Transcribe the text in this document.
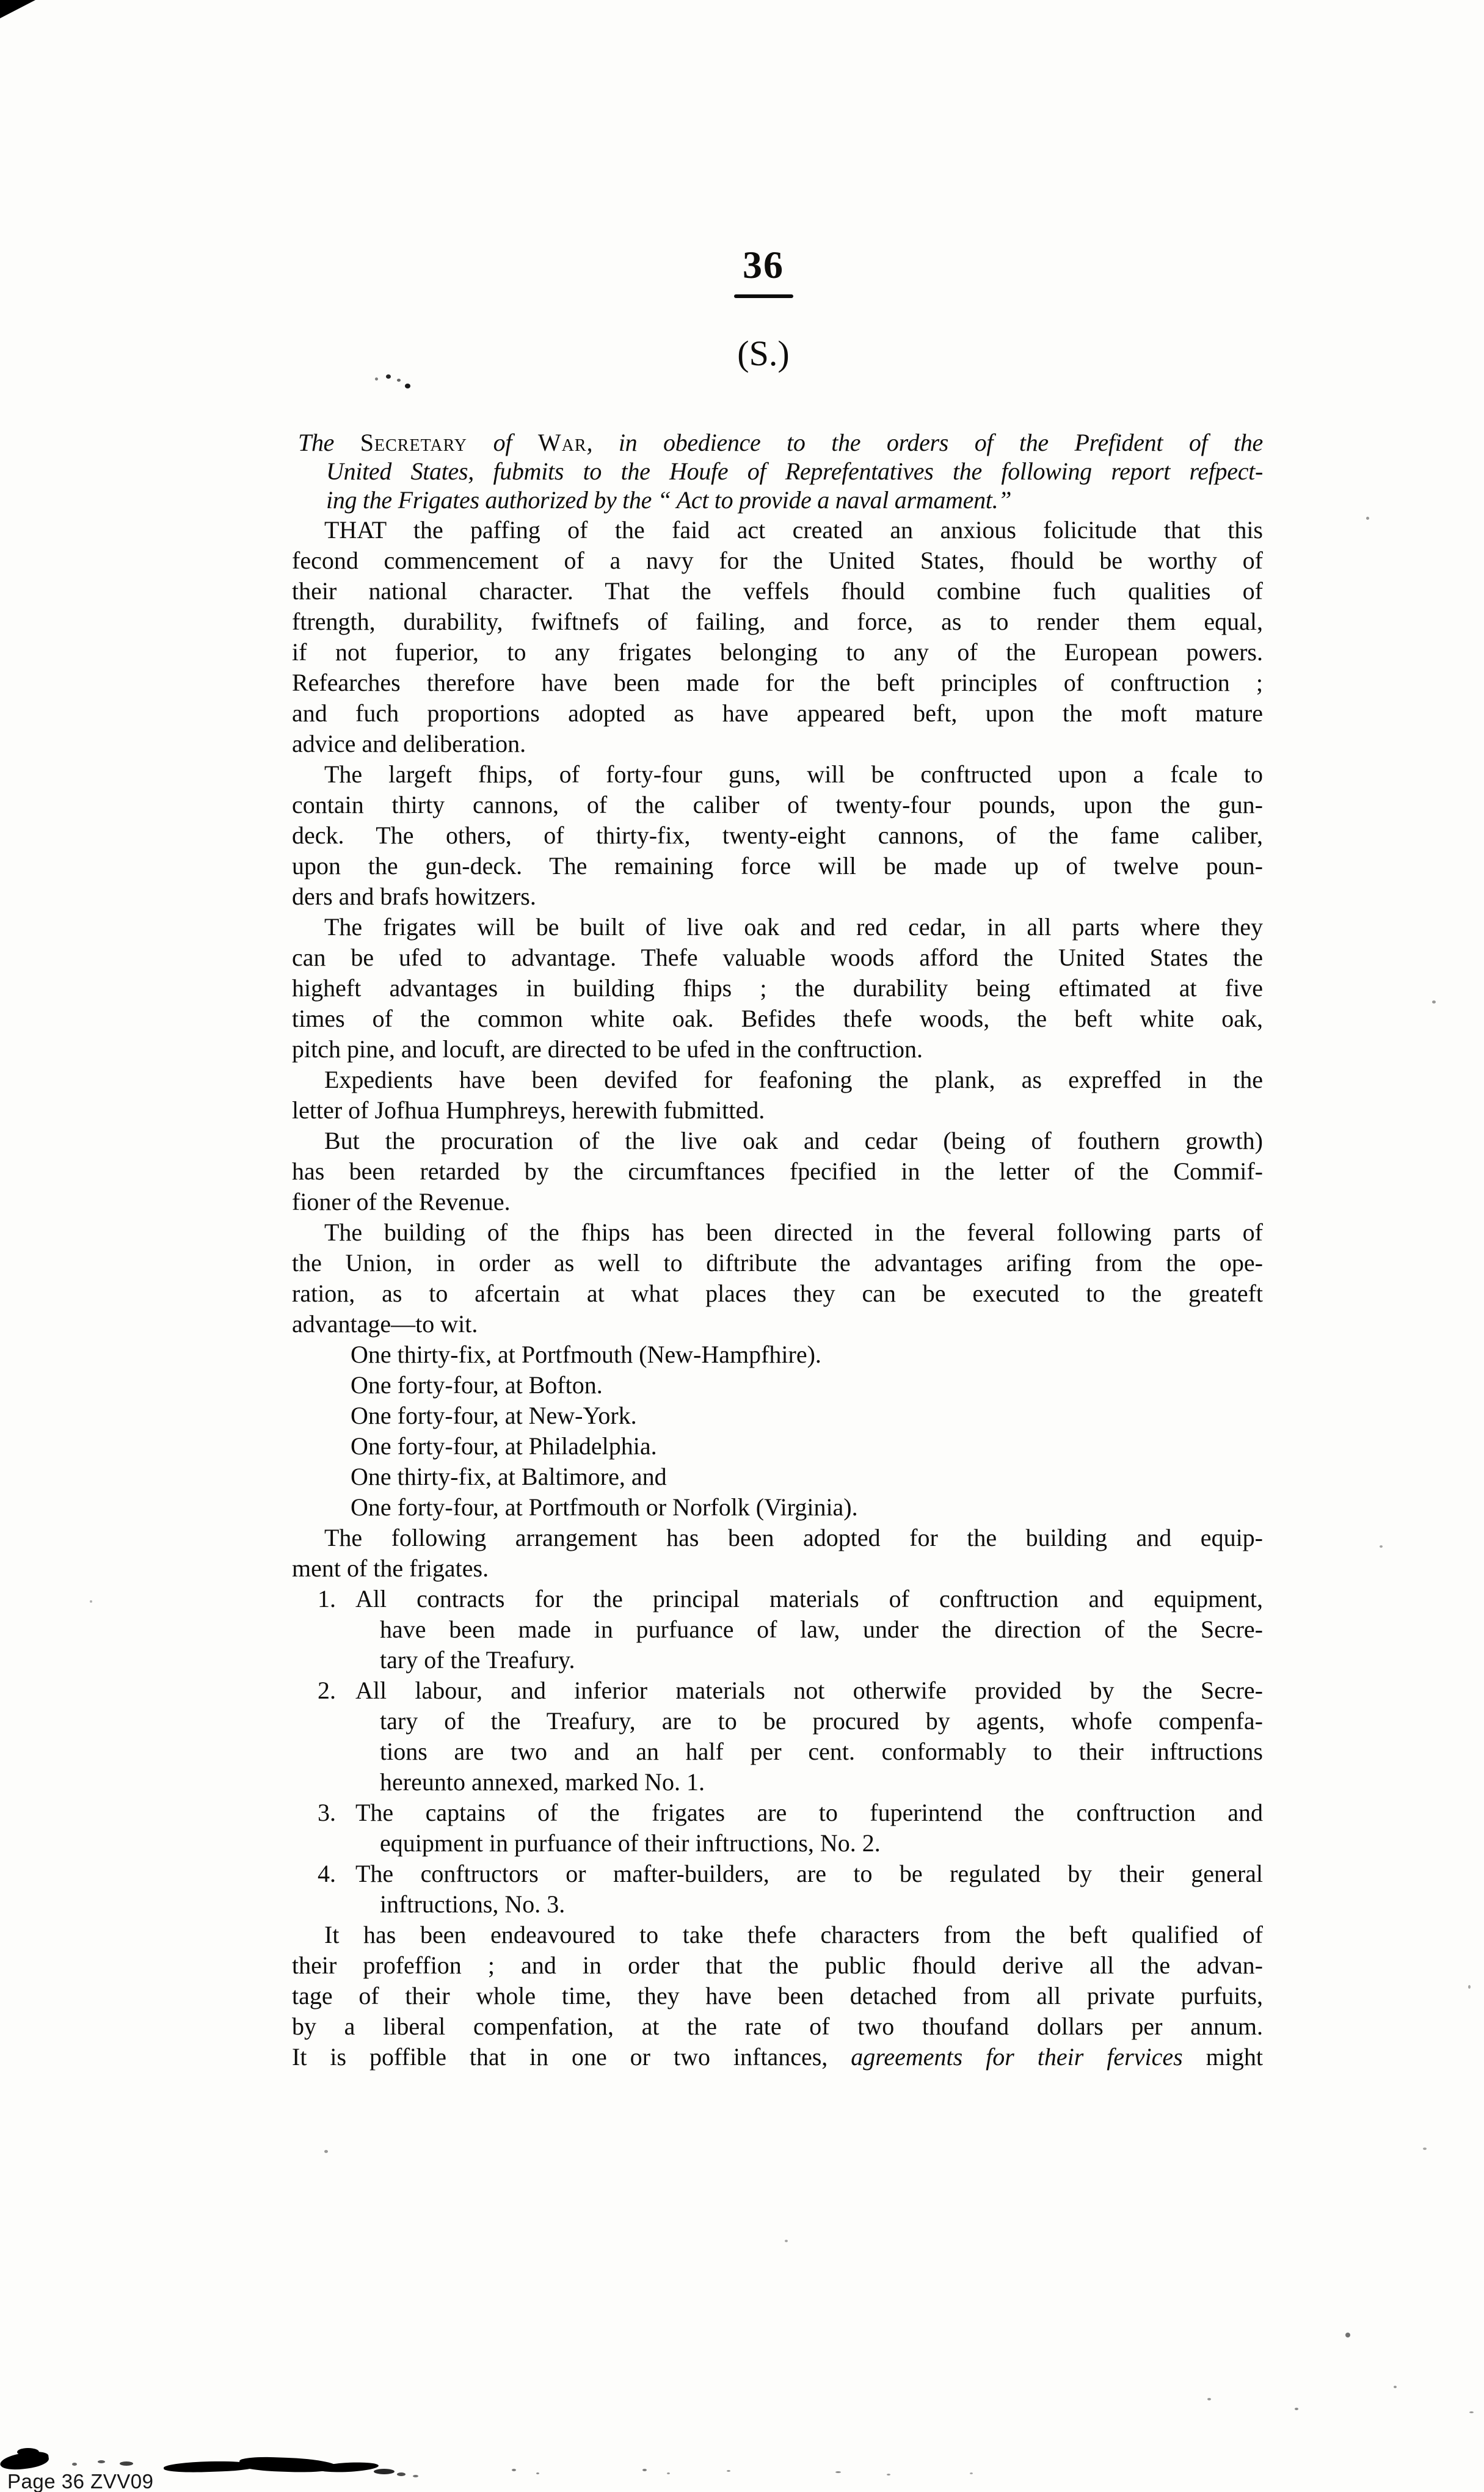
36
(S.)
The Secretary of War, in obedience to the orders of the Prefident of the
United States, fubmits to the Houfe of Reprefentatives the following report refpect-
ing the Frigates authorized by the “ Act to provide a naval armament.”
THAT the paffing of the faid act created an anxious folicitude that this
fecond commencement of a navy for the United States, fhould be worthy of
their national character. That the veffels fhould combine fuch qualities of
ftrength, durability, fwiftnefs of failing, and force, as to render them equal,
if not fuperior, to any frigates belonging to any of the European powers.
Refearches therefore have been made for the beft principles of conftruction ;
and fuch proportions adopted as have appeared beft, upon the moft mature
advice and deliberation.
The largeft fhips, of forty-four guns, will be conftructed upon a fcale to
contain thirty cannons, of the caliber of twenty-four pounds, upon the gun-
deck. The others, of thirty-fix, twenty-eight cannons, of the fame caliber,
upon the gun-deck. The remaining force will be made up of twelve poun-
ders and brafs howitzers.
The frigates will be built of live oak and red cedar, in all parts where they
can be ufed to advantage. Thefe valuable woods afford the United States the
higheft advantages in building fhips ; the durability being eftimated at five
times of the common white oak. Befides thefe woods, the beft white oak,
pitch pine, and locuft, are directed to be ufed in the conftruction.
Expedients have been devifed for feafoning the plank, as expreffed in the
letter of Jofhua Humphreys, herewith fubmitted.
But the procuration of the live oak and cedar (being of fouthern growth)
has been retarded by the circumftances fpecified in the letter of the Commif-
fioner of the Revenue.
The building of the fhips has been directed in the feveral following parts of
the Union, in order as well to diftribute the advantages arifing from the ope-
ration, as to afcertain at what places they can be executed to the greateft
advantage—to wit.
One thirty-fix, at Portfmouth (New-Hampfhire).
One forty-four, at Bofton.
One forty-four, at New-York.
One forty-four, at Philadelphia.
One thirty-fix, at Baltimore, and
One forty-four, at Portfmouth or Norfolk (Virginia).
The following arrangement has been adopted for the building and equip-
ment of the frigates.
1. All contracts for the principal materials of conftruction and equipment,
have been made in purfuance of law, under the direction of the Secre-
tary of the Treafury.
2. All labour, and inferior materials not otherwife provided by the Secre-
tary of the Treafury, are to be procured by agents, whofe compenfa-
tions are two and an half per cent. conformably to their inftructions
hereunto annexed, marked No. 1.
3. The captains of the frigates are to fuperintend the conftruction and
equipment in purfuance of their inftructions, No. 2.
4. The conftructors or mafter-builders, are to be regulated by their general
inftructions, No. 3.
It has been endeavoured to take thefe characters from the beft qualified of
their profeffion ; and in order that the public fhould derive all the advan-
tage of their whole time, they have been detached from all private purfuits,
by a liberal compenfation, at the rate of two thoufand dollars per annum.
It is poffible that in one or two inftances, agreements for their fervices might
Page 36 ZVV09
